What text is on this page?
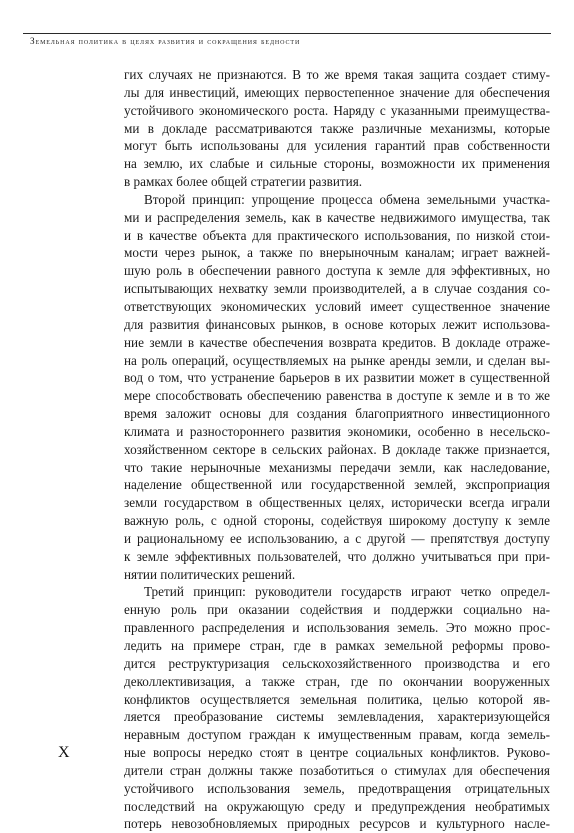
Земельная политика в целях развития и сокращения бедности
гих случаях не признаются. В то же время такая защита создает стиму-
лы для инвестиций, имеющих первостепенное значение для обеспечения
устойчивого экономического роста. Наряду с указанными преимущества-
ми в докладе рассматриваются также различные механизмы, которые
могут быть использованы для усиления гарантий прав собственности
на землю, их слабые и сильные стороны, возможности их применения
в рамках более общей стратегии развития.
Второй принцип: упрощение процесса обмена земельными участка-
ми и распределения земель, как в качестве недвижимого имущества, так
и в качестве объекта для практического использования, по низкой стои-
мости через рынок, а также по внерыночным каналам; играет важней-
шую роль в обеспечении равного доступа к земле для эффективных, но
испытывающих нехватку земли производителей, а в случае создания со-
ответствующих экономических условий имеет существенное значение
для развития финансовых рынков, в основе которых лежит использова-
ние земли в качестве обеспечения возврата кредитов. В докладе отраже-
на роль операций, осуществляемых на рынке аренды земли, и сделан вы-
вод о том, что устранение барьеров в их развитии может в существенной
мере способствовать обеспечению равенства в доступе к земле и в то же
время заложит основы для создания благоприятного инвестиционного
климата и разностороннего развития экономики, особенно в несельско-
хозяйственном секторе в сельских районах. В докладе также признается,
что такие нерыночные механизмы передачи земли, как наследование,
наделение общественной или государственной землей, экспроприация
земли государством в общественных целях, исторически всегда играли
важную роль, с одной стороны, содействуя широкому доступу к земле
и рациональному ее использованию, а с другой — препятствуя доступу
к земле эффективных пользователей, что должно учитываться при при-
нятии политических решений.
Третий принцип: руководители государств играют четко определ-
енную роль при оказании содействия и поддержки социально на-
правленного распределения и использования земель. Это можно прос-
ледить на примере стран, где в рамках земельной реформы прово-
дится реструктуризация сельскохозяйственного производства и его
деколлективизация, а также стран, где по окончании вооруженных
конфликтов осуществляется земельная политика, целью которой яв-
ляется преобразование системы землевладения, характеризующейся
неравным доступом граждан к имущественным правам, когда земель-
ные вопросы нередко стоят в центре социальных конфликтов. Руково-
дители стран должны также позаботиться о стимулах для обеспечения
устойчивого использования земель, предотвращения отрицательных
последствий на окружающую среду и предупреждения необратимых
потерь невозобновляемых природных ресурсов и культурного насле-
X
